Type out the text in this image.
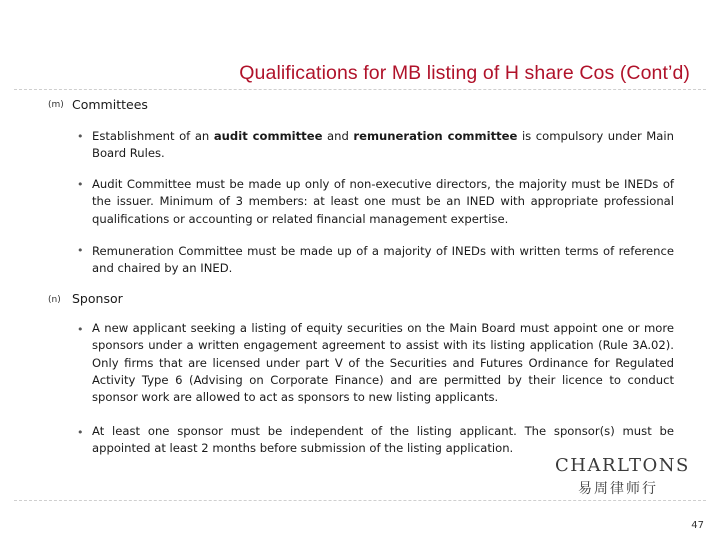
Qualifications for MB listing of H share Cos (Cont’d)
(m) Committees
• Establishment of an audit committee and remuneration committee is compulsory under Main Board Rules.
• Audit Committee must be made up only of non-executive directors, the majority must be INEDs of the issuer. Minimum of 3 members: at least one must be an INED with appropriate professional qualifications or accounting or related financial management expertise.
• Remuneration Committee must be made up of a majority of INEDs with written terms of reference and chaired by an INED.
(n) Sponsor
• A new applicant seeking a listing of equity securities on the Main Board must appoint one or more sponsors under a written engagement agreement to assist with its listing application (Rule 3A.02). Only firms that are licensed under part V of the Securities and Futures Ordinance for Regulated Activity Type 6 (Advising on Corporate Finance) and are permitted by their licence to conduct sponsor work are allowed to act as sponsors to new listing applicants.
• At least one sponsor must be independent of the listing applicant. The sponsor(s) must be appointed at least 2 months before submission of the listing application.
CHARLTONS
易周律师行
47
